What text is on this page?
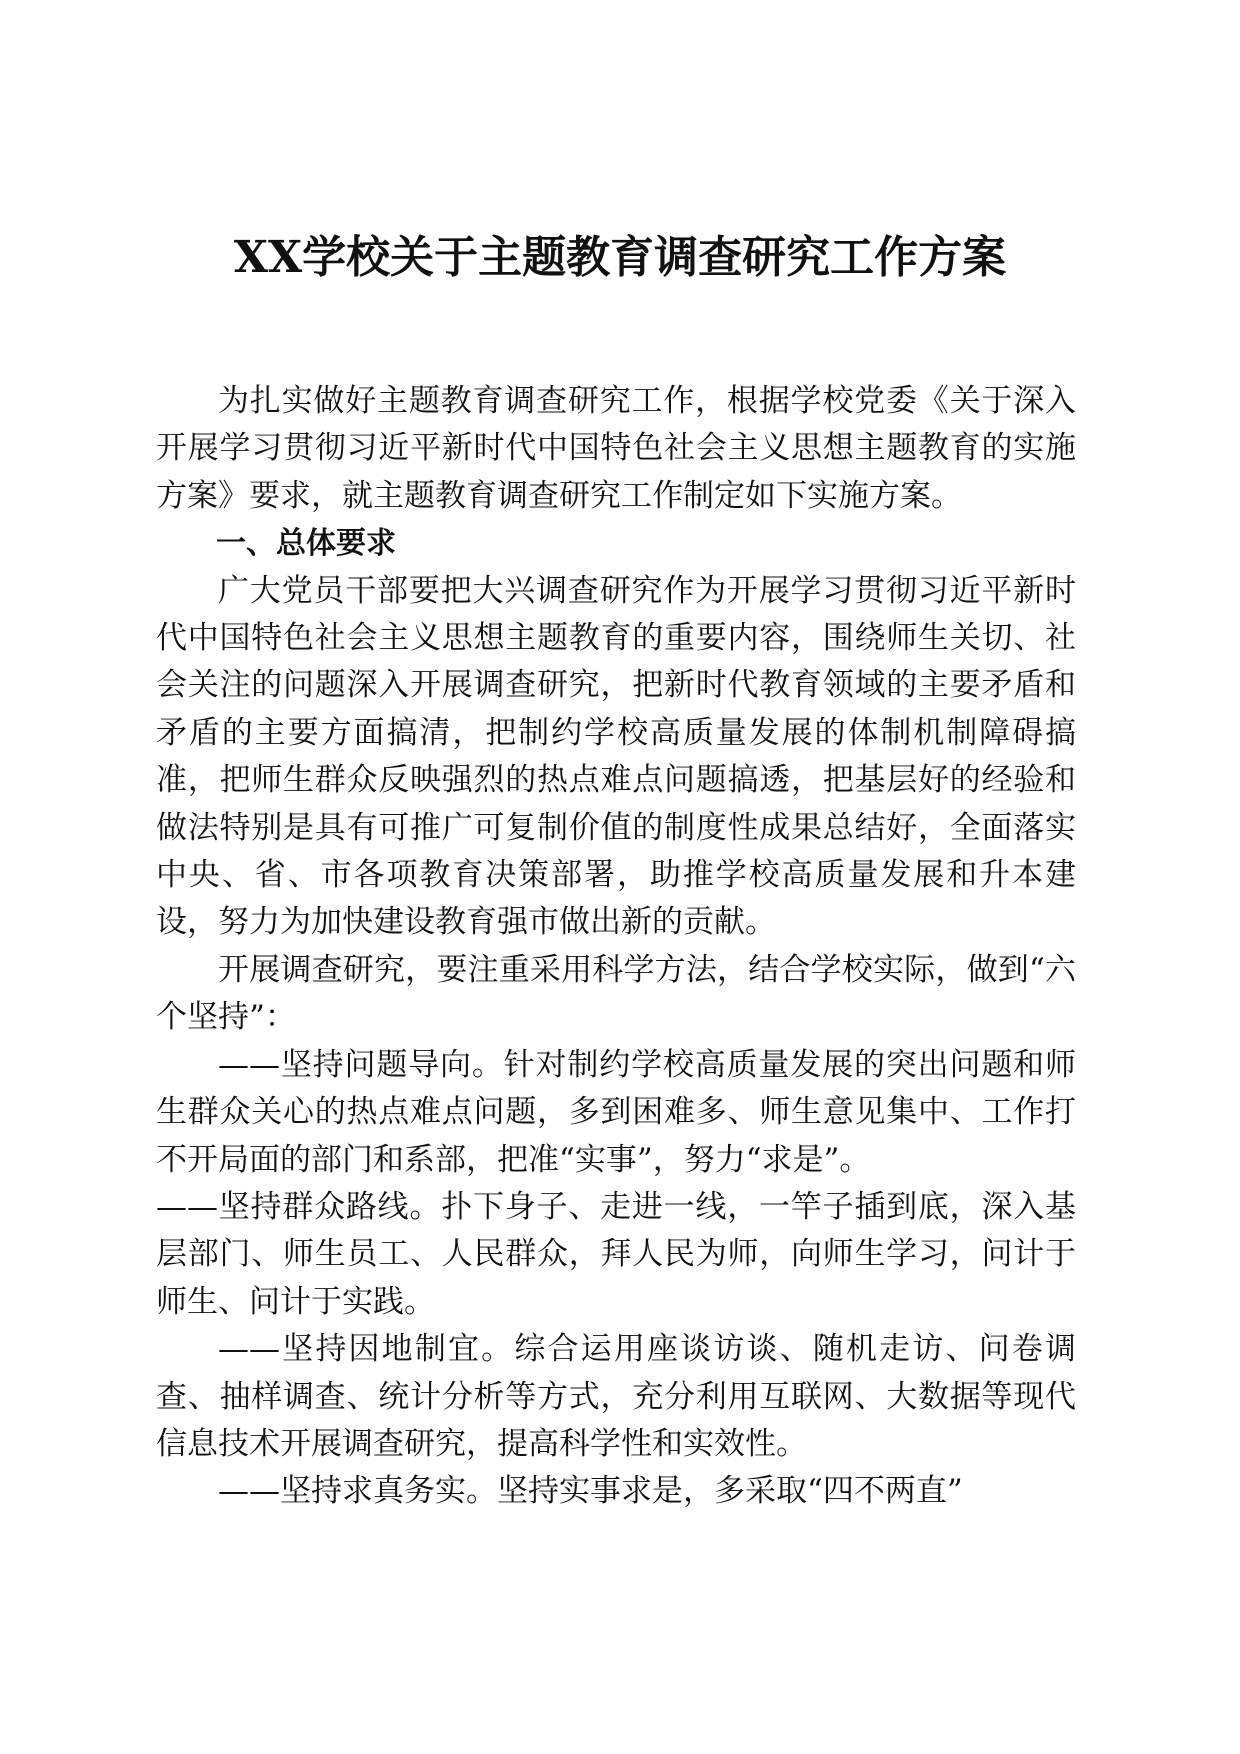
XX学校关于主题教育调查研究工作方案

为扎实做好主题教育调查研究工作，根据学校党委《关于深入开展学习贯彻习近平新时代中国特色社会主义思想主题教育的实施方案》要求，就主题教育调查研究工作制定如下实施方案。

一、总体要求

广大党员干部要把大兴调查研究作为开展学习贯彻习近平新时代中国特色社会主义思想主题教育的重要内容，围绕师生关切、社会关注的问题深入开展调查研究，把新时代教育领域的主要矛盾和矛盾的主要方面搞清，把制约学校高质量发展的体制机制障碍搞准，把师生群众反映强烈的热点难点问题搞透，把基层好的经验和做法特别是具有可推广可复制价值的制度性成果总结好，全面落实中央、省、市各项教育决策部署，助推学校高质量发展和升本建设，努力为加快建设教育强市做出新的贡献。

开展调查研究，要注重采用科学方法，结合学校实际，做到“六个坚持”：

——坚持问题导向。针对制约学校高质量发展的突出问题和师生群众关心的热点难点问题，多到困难多、师生意见集中、工作打不开局面的部门和系部，把准“实事”，努力“求是”。

——坚持群众路线。扑下身子、走进一线，一竿子插到底，深入基层部门、师生员工、人民群众，拜人民为师，向师生学习，问计于师生、问计于实践。

——坚持因地制宜。综合运用座谈访谈、随机走访、问卷调查、抽样调查、统计分析等方式，充分利用互联网、大数据等现代信息技术开展调查研究，提高科学性和实效性。

——坚持求真务实。坚持实事求是，多采取“四不两直”
